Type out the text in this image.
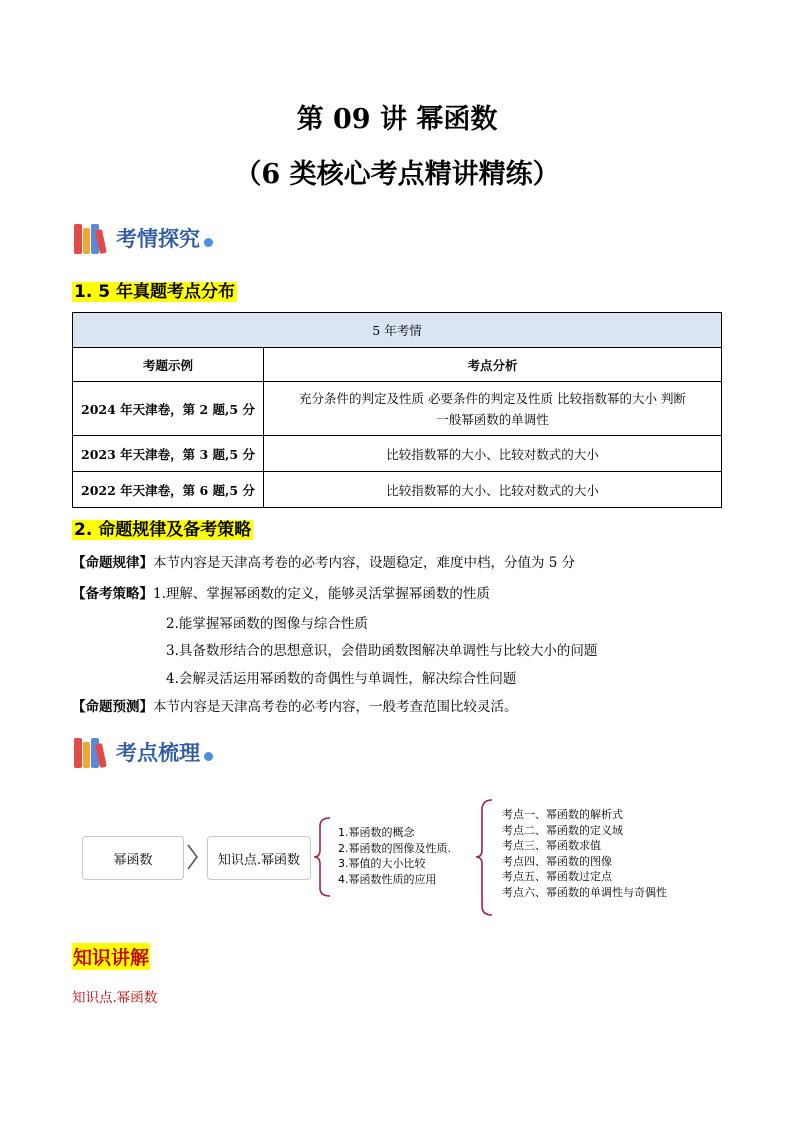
第 09 讲 幂函数
（6 类核心考点精讲精练）
考情探究
1. 5 年真题考点分布
5 年考情	
考题示例	考点分析
2024 年天津卷，第 2 题,5 分	充分条件的判定及性质 必要条件的判定及性质 比较指数幂的大小 判断
一般幂函数的单调性

2023 年天津卷，第 3 题,5 分	比较指数幂的大小、比较对数式的大小
2022 年天津卷，第 6 题,5 分	比较指数幂的大小、比较对数式的大小
2. 命题规律及备考策略
【命题规律】本节内容是天津高考卷的必考内容，设题稳定，难度中档，分值为 5 分
【备考策略】1.理解、掌握幂函数的定义，能够灵活掌握幂函数的性质
2.能掌握幂函数的图像与综合性质
3.具备数形结合的思想意识，会借助函数图解决单调性与比较大小的问题
4.会解灵活运用幂函数的奇偶性与单调性，解决综合性问题
【命题预测】本节内容是天津高考卷的必考内容，一般考查范围比较灵活。
考点梳理
幂函数	知识点.幂函数
1.幂函数的概念
2.幂函数的图像及性质.
3.幂值的大小比较
4.幂函数性质的应用
考点一、幂函数的解析式
考点二、幂函数的定义域
考点三、幂函数求值
考点四、幂函数的图像
考点五、幂函数过定点
考点六、幂函数的单调性与奇偶性
知识讲解
知识点.幂函数
